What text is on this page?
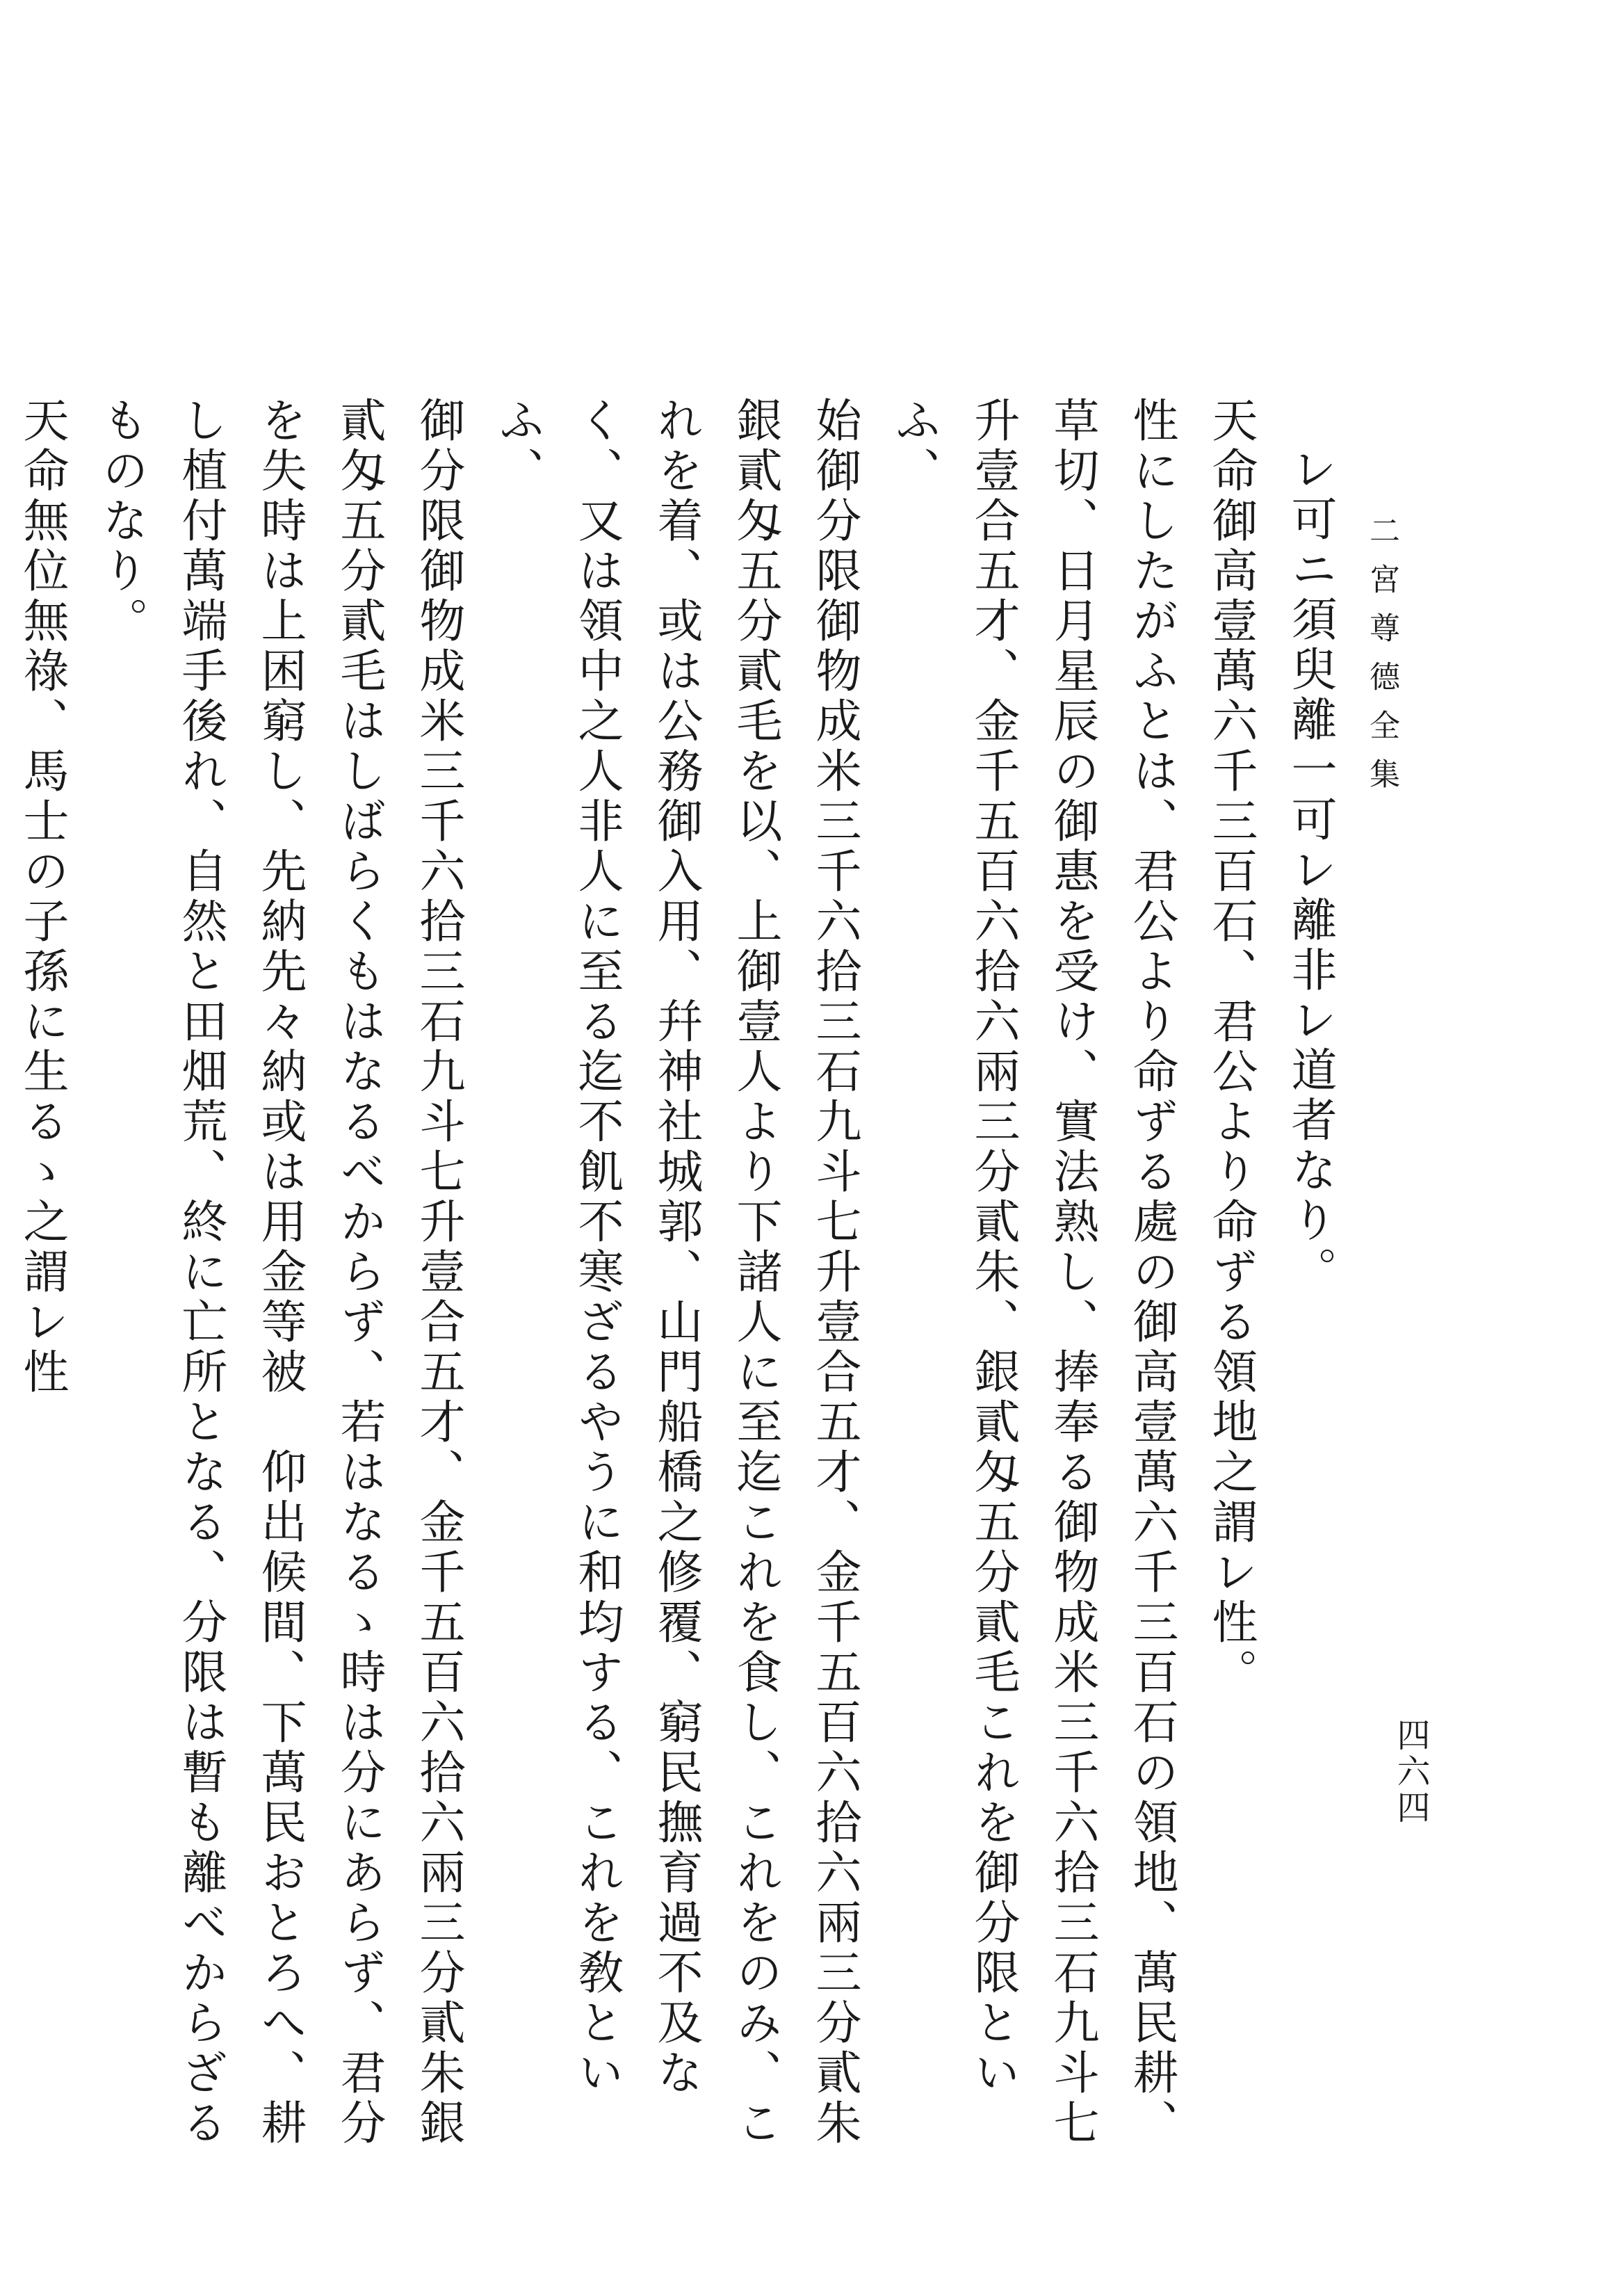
二宮尊德全集
四六四

レ可ニ須臾離一可レ離非レ道者なり。

天命御高壹萬六千三百石、君公より命ずる領地之謂レ性。

性にしたがふとは、君公より命ずる處の御高壹萬六千三百石の領地、萬民耕、草切、日月星辰の御惠を受け、實法熟し、捧奉る御物成米三千六拾三石九斗七升壹合五才、金千五百六拾六兩三分貳朱、銀貳匁五分貳毛これを御分限といふ、

始御分限御物成米三千六拾三石九斗七升壹合五才、金千五百六拾六兩三分貳朱銀貳匁五分貳毛を以、上御壹人より下諸人に至迄これを食し、これをのみ、これを着、或は公務御入用、幷神社城郭、山門船橋之修覆、窮民撫育過不及なく、又は領中之人非人に至る迄不飢不寒ざるやうに和均する、これを敎といふ、

御分限御物成米三千六拾三石九斗七升壹合五才、金千五百六拾六兩三分貳朱銀貳匁五分貳毛はしばらくもはなるべからず、若はなるゝ時は分にあらず、君分を失時は上困窮し、先納先々納或は用金等被　仰出候間、下萬民おとろへ、耕し植付萬端手後れ、自然と田畑荒、終に亡所となる、分限は暫も離べからざるものなり。

天命無位無祿、馬士の子孫に生るゝ之謂レ性
